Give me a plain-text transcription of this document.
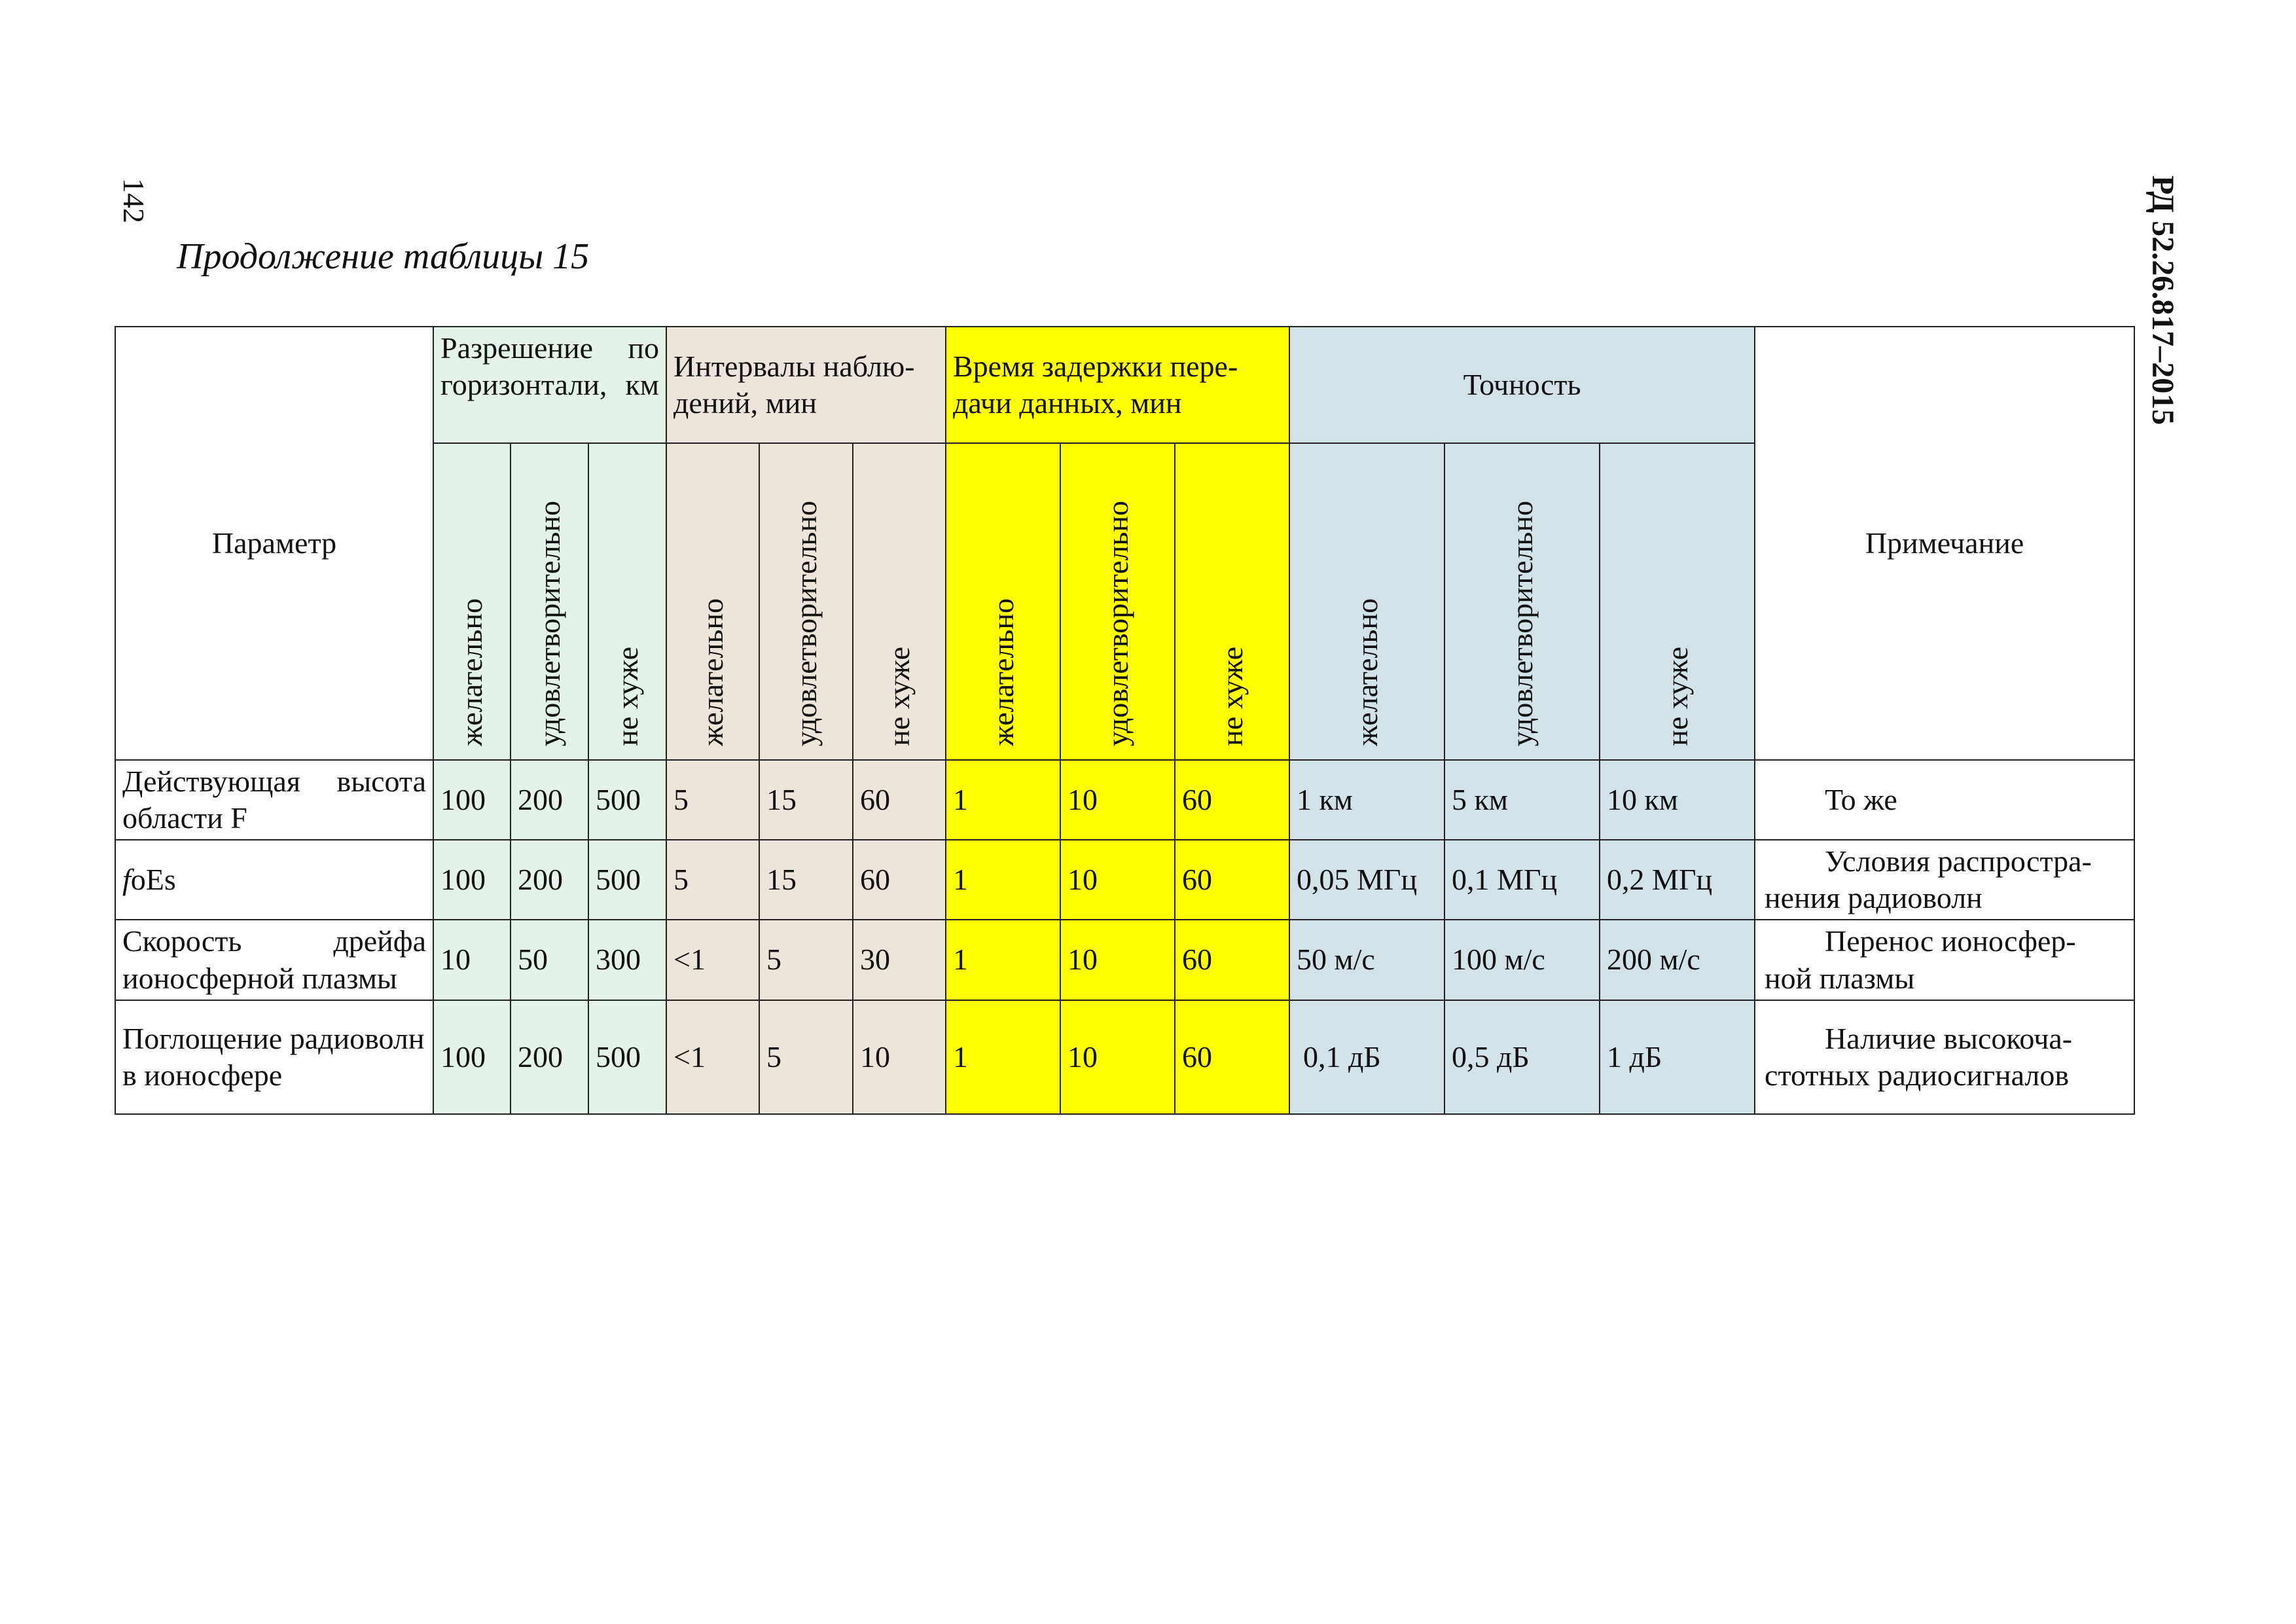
142	РД 52.26.817–2015
Продолжение таблицы 15
Параметр	Разрешение по горизонтали, км			Интервалы наблю-дений, мин			Время задержки пере-дачи данных, мин			Точность			Примечание

	желательно	удовлетворительно	не хуже	желательно	удовлетворительно	не хуже	желательно	удовлетворительно	не хуже	желательно	удовлетворительно	не хуже	

Действующая высота области F	100	200	500	5	15	60	1	10	60	1 км	5 км	10 км	То же

foEs	100	200	500	5	15	60	1	10	60	0,05 МГц	0,1 МГц	0,2 МГц	Условия распростра-
нения радиоволн
Скорость дрейфа ионосферной плазмы	10	50	300	<1	5	30	1	10	60	50 м/с	100 м/с	200 м/с	Перенос ионосфер-
ной плазмы
Поглощение радиоволн в ионосфере	100	200	500	<1	5	10	1	10	60	0,1 дБ	0,5 дБ	1 дБ	Наличие высокоча-
стотных радиосигналов
